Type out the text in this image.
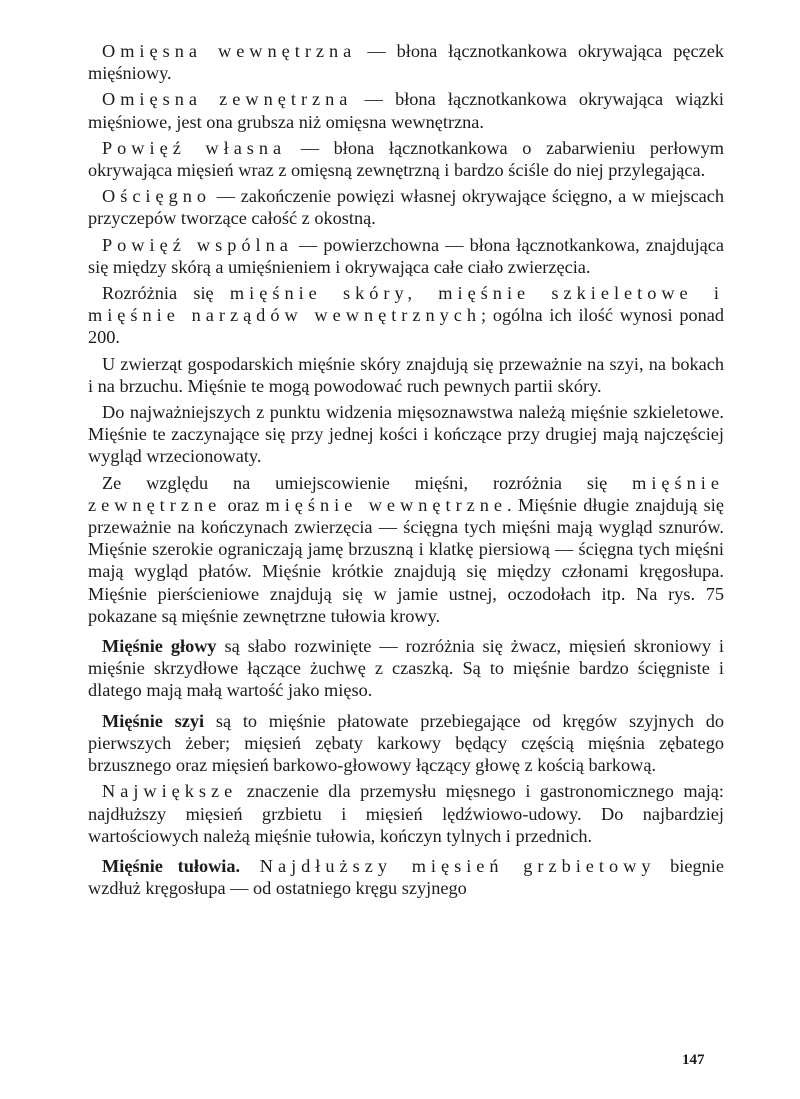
Omięsna wewnętrzna — błona łącznotkankowa okrywająca pęczek mięśniowy.

Omięsna zewnętrzna — błona łącznotkankowa okrywająca wiązki mięśniowe, jest ona grubsza niż omięsna wewnętrzna.

Powięź własna — błona łącznotkankowa o zabarwieniu perłowym okrywająca mięsień wraz z omięsną zewnętrzną i bardzo ściśle do niej przylegająca.

Ościęgno — zakończenie powięzi własnej okrywające ścięgno, a w miejscach przyczepów tworzące całość z okostną.

Powięź wspólna — powierzchowna — błona łącznotkankowa, znajdująca się między skórą a umięśnieniem i okrywająca całe ciało zwierzęcia.

Rozróżnia się mięśnie skóry, mięśnie szkieletowe i mięśnie narządów wewnętrznych; ogólna ich ilość wynosi ponad 200.

U zwierząt gospodarskich mięśnie skóry znajdują się przeważnie na szyi, na bokach i na brzuchu. Mięśnie te mogą powodować ruch pewnych partii skóry.

Do najważniejszych z punktu widzenia mięsoznawstwa należą mięśnie szkieletowe. Mięśnie te zaczynające się przy jednej kości i kończące przy drugiej mają najczęściej wygląd wrzecionowaty.

Ze względu na umiejscowienie mięśni, rozróżnia się mięśnie zewnętrzne oraz mięśnie wewnętrzne. Mięśnie długie znajdują się przeważnie na kończynach zwierzęcia — ścięgna tych mięśni mają wygląd sznurów. Mięśnie szerokie ograniczają jamę brzuszną i klatkę piersiową — ścięgna tych mięśni mają wygląd płatów. Mięśnie krótkie znajdują się między członami kręgosłupa. Mięśnie pierścieniowe znajdują się w jamie ustnej, oczodołach itp. Na rys. 75 pokazane są mięśnie zewnętrzne tułowia krowy.

Mięśnie głowy są słabo rozwinięte — rozróżnia się żwacz, mięsień skroniowy i mięśnie skrzydłowe łączące żuchwę z czaszką. Są to mięśnie bardzo ścięgniste i dlatego mają małą wartość jako mięso.

Mięśnie szyi są to mięśnie płatowate przebiegające od kręgów szyjnych do pierwszych żeber; mięsień zębaty karkowy będący częścią mięśnia zębatego brzusznego oraz mięsień barkowo-głowowy łączący głowę z kością barkową.

Największe znaczenie dla przemysłu mięsnego i gastronomicznego mają: najdłuższy mięsień grzbietu i mięsień lędźwiowo-udowy. Do najbardziej wartościowych należą mięśnie tułowia, kończyn tylnych i przednich.

Mięśnie tułowia. Najdłuższy mięsień grzbietowy biegnie wzdłuż kręgosłupa — od ostatniego kręgu szyjnego

147
